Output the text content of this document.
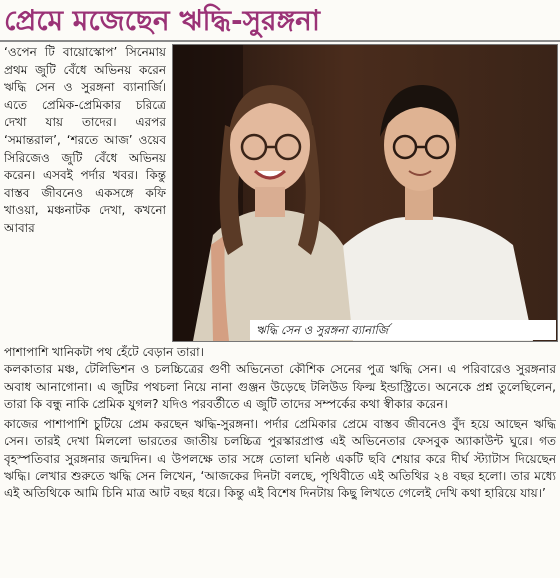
প্রেমে মজেছেন ঋদ্ধি-সুরঙ্গনা
‘ওপেন টি বায়োস্কোপ’ সিনেমায় প্রথম জুটি বেঁধে অভিনয় করেন ঋদ্ধি সেন ও সুরঙ্গনা ব্যানার্জি। এতে প্রেমিক-প্রেমিকার চরিত্রে দেখা যায় তাদের। এরপর ‘সমান্তরাল’, ‘শরতে আজ’ ওয়েব সিরিজেও জুটি বেঁধে অভিনয় করেন। এসবই পর্দার খবর। কিন্তু বাস্তব জীবনেও একসঙ্গে কফি খাওয়া, মঞ্চনাটক দেখা, কখনো আবার
ঋদ্ধি সেন ও সুরঙ্গনা ব্যানার্জি
পাশাপাশি খানিকটা পথ হেঁটে বেড়ান তারা।
কলকাতার মঞ্চ, টেলিভিশন ও চলচ্চিত্রের গুণী অভিনেতা কৌশিক সেনের পুত্র ঋদ্ধি সেন। এ পরিবারেও সুরঙ্গনার অবাধ আনাগোনা। এ জুটির পথচলা নিয়ে নানা গুঞ্জন উড়েছে টলিউড ফিল্ম ইন্ডাস্ট্রিতে। অনেকে প্রশ্ন তুলেছিলেন, তারা কি বন্ধু নাকি প্রেমিক যুগল? যদিও পরবর্তীতে এ জুটি তাদের সম্পর্কের কথা স্বীকার করেন।
কাজের পাশাপাশি চুটিয়ে প্রেম করছেন ঋদ্ধি-সুরঙ্গনা। পর্দার প্রেমিকার প্রেমে বাস্তব জীবনেও বুঁদ হয়ে আছেন ঋদ্ধি সেন। তারই দেখা মিললো ভারতের জাতীয় চলচ্চিত্র পুরস্কারপ্রাপ্ত এই অভিনেতার ফেসবুক অ্যাকাউন্ট ঘুরে। গত বৃহস্পতিবার সুরঙ্গনার জন্মদিন। এ উপলক্ষে তার সঙ্গে তোলা ঘনিষ্ঠ একটি ছবি শেয়ার করে দীর্ঘ স্ট্যাটাস দিয়েছেন ঋদ্ধি। লেখার শুরুতে ঋদ্ধি সেন লিখেন, ‘আজকের দিনটা বলছে, পৃথিবীতে এই অতিথির ২৪ বছর হলো। তার মধ্যে এই অতিথিকে আমি চিনি মাত্র আট বছর ধরে। কিন্তু এই বিশেষ দিনটায় কিছু লিখতে গেলেই দেখি কথা হারিয়ে যায়।’
